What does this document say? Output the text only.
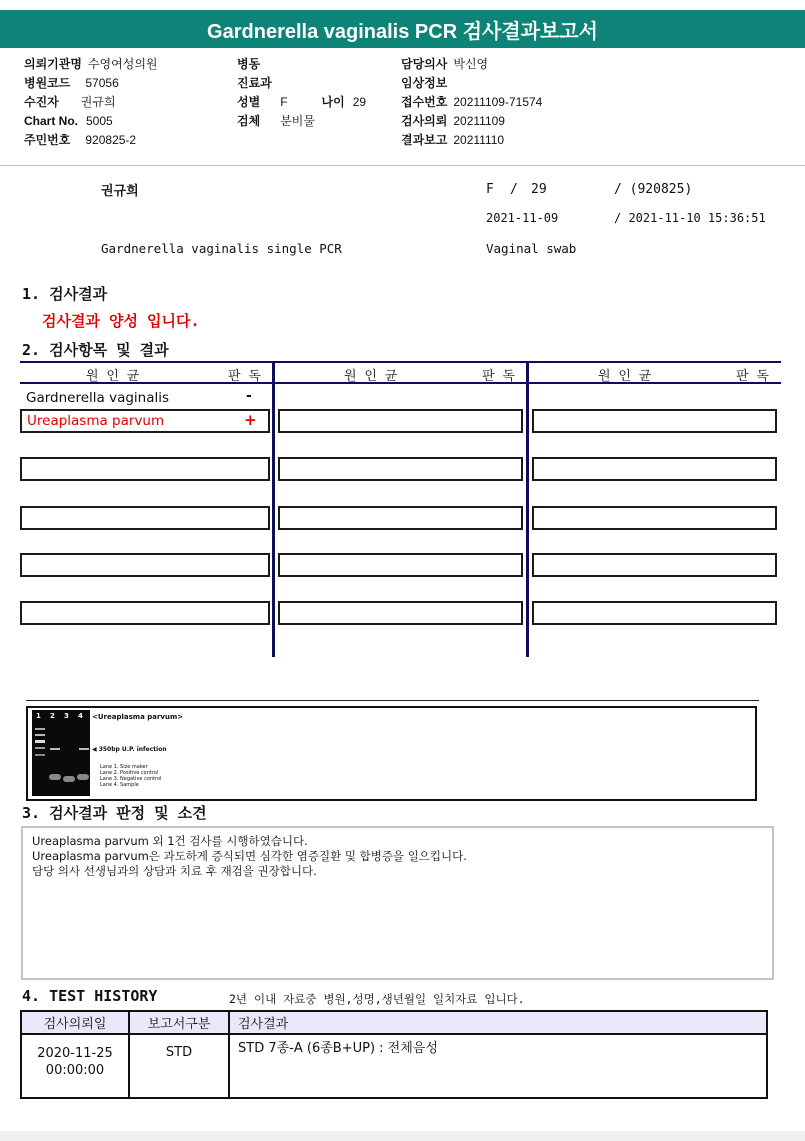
Gardnerella vaginalis PCR 검사결과보고서
의뢰기관명 수영여성의원
병원코드 57056
수진자 권규희
Chart No. 5005
주민번호 920825-2
병동
진료과
성별 F	나이 29
검체 분비물
담당의사 박신영
임상정보
접수번호 20211109-71574
검사의뢰 20211109
결과보고 20211110
권규희	F / 29	/ (920825)
2021-11-09	/ 2021-11-10 15:36:51
Gardnerella vaginalis single PCR	Vaginal swab
1. 검사결과
검사결과 양성 입니다.
2. 검사항목 및 결과
원 인 균	판 독	원 인 균	판 독	원 인 균	판 독
Gardnerella vaginalis	-
Ureaplasma parvum	+
1 2 3 4 <Ureaplasma parvum>
◀ 350bp U.P. infection
Lane 1. Size maker
Lane 2. Positive control
Lane 3. Negative control
Lane 4. Sample
3. 검사결과 판정 및 소견
Ureaplasma parvum 외 1건 검사를 시행하였습니다.
Ureaplasma parvum은 과도하게 증식되면 심각한 염증질환 및 합병증을 일으킵니다.
담당 의사 선생님과의 상담과 치료 후 재검을 권장합니다.
4. TEST HISTORY	2년 이내 자료중 병원,성명,생년월일 일치자료 입니다.
검사의뢰일	보고서구분	검사결과

2020-11-25
00:00:00	STD	STD 7종-A (6종B+UP) : 전체음성
